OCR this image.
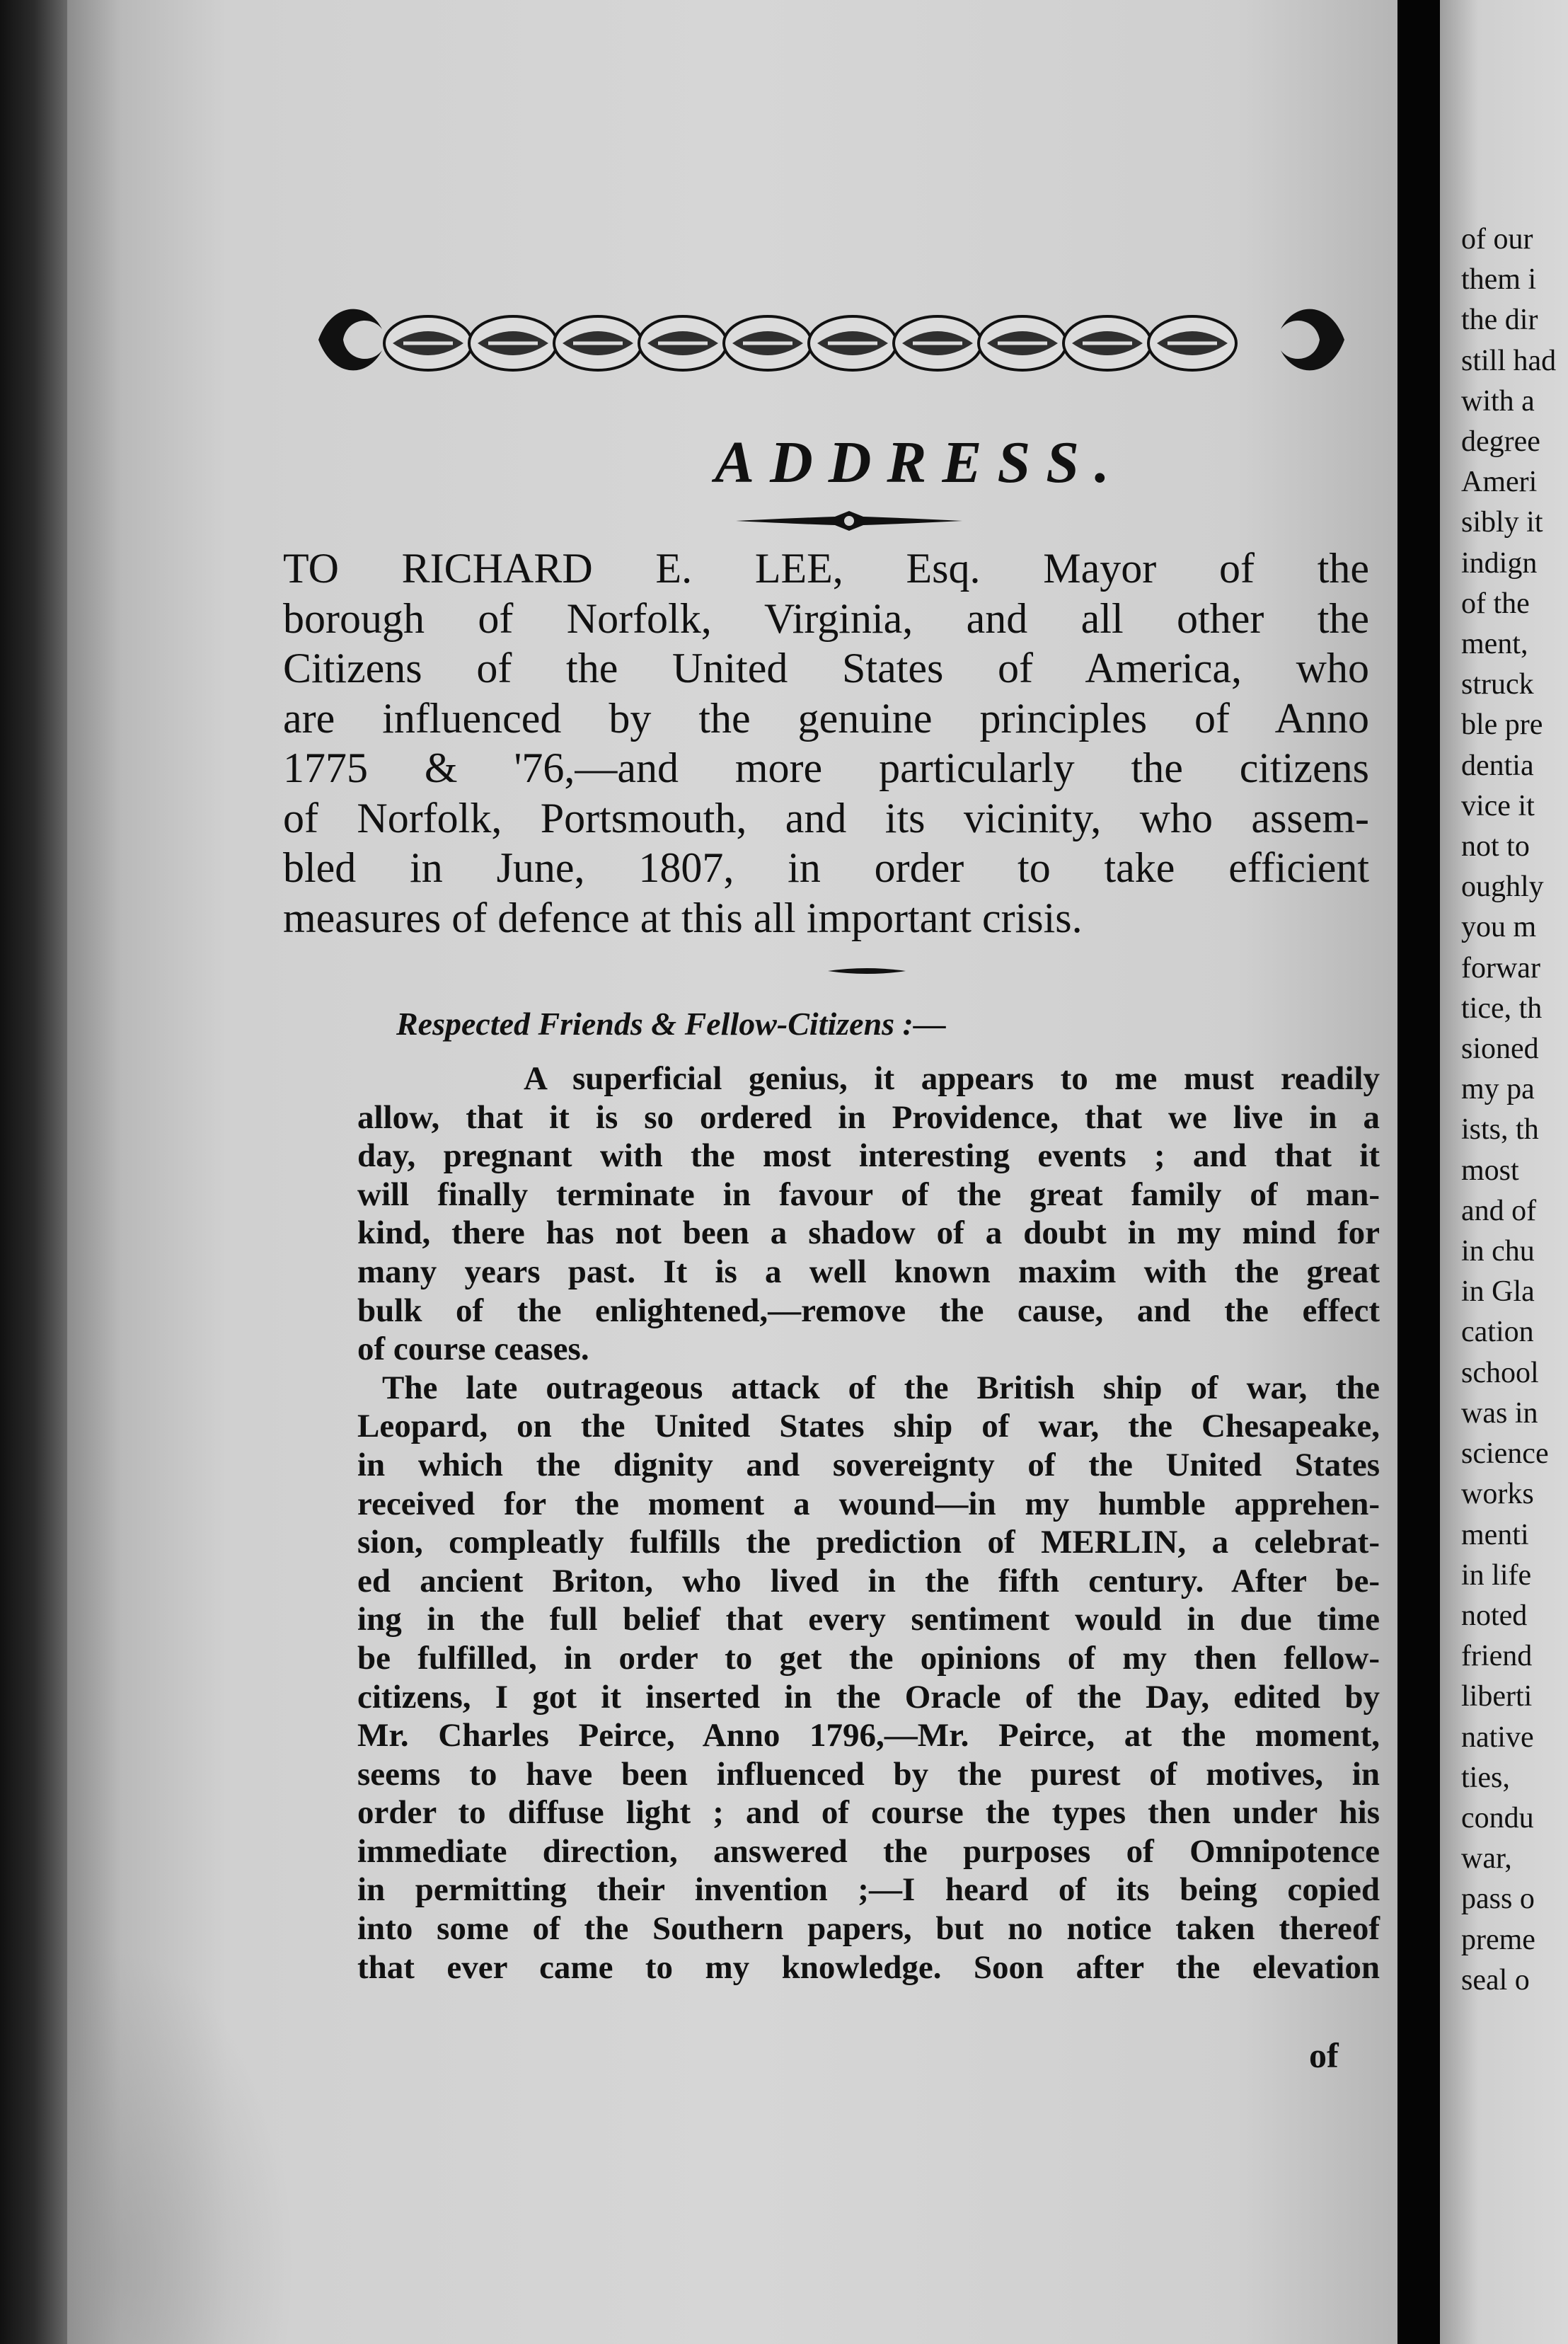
ADDRESS.
TO RICHARD E. LEE, Esq. Mayor of the
borough of Norfolk, Virginia, and all other the
Citizens of the United States of America, who
are influenced by the genuine principles of Anno
1775 & '76,—and more particularly the citizens
of Norfolk, Portsmouth, and its vicinity, who assem-
bled in June, 1807, in order to take efficient
measures of defence at this all important crisis.

Respected Friends & Fellow-Citizens :—

A superficial genius, it appears to me must readily
allow, that it is so ordered in Providence, that we live in a
day, pregnant with the most interesting events ; and that it
will finally terminate in favour of the great family of man-
kind, there has not been a shadow of a doubt in my mind for
many years past. It is a well known maxim with the great
bulk of the enlightened,—remove the cause, and the effect
of course ceases.
The late outrageous attack of the British ship of war, the
Leopard, on the United States ship of war, the Chesapeake,
in which the dignity and sovereignty of the United States
received for the moment a wound—in my humble apprehen-
sion, compleatly fulfills the prediction of MERLIN, a celebrat-
ed ancient Briton, who lived in the fifth century. After be-
ing in the full belief that every sentiment would in due time
be fulfilled, in order to get the opinions of my then fellow-
citizens, I got it inserted in the Oracle of the Day, edited by
Mr. Charles Peirce, Anno 1796,—Mr. Peirce, at the moment,
seems to have been influenced by the purest of motives, in
order to diffuse light ; and of course the types then under his
immediate direction, answered the purposes of Omnipotence
in permitting their invention ;—I heard of its being copied
into some of the Southern papers, but no notice taken thereof
that ever came to my knowledge. Soon after the elevation

of

of our
them i
the dir
still had
with a
degree
Ameri
sibly it
indign
of the
ment,
struck
ble pre
dentia
vice it
not to
oughly
you m
forwar
tice, th
sioned
my pa
ists, th
most
and of
in chu
in Gla
cation
school
was in
science
works
menti
in life
noted
friend
liberti
native
ties,
condu
war,
pass o
preme
seal o
